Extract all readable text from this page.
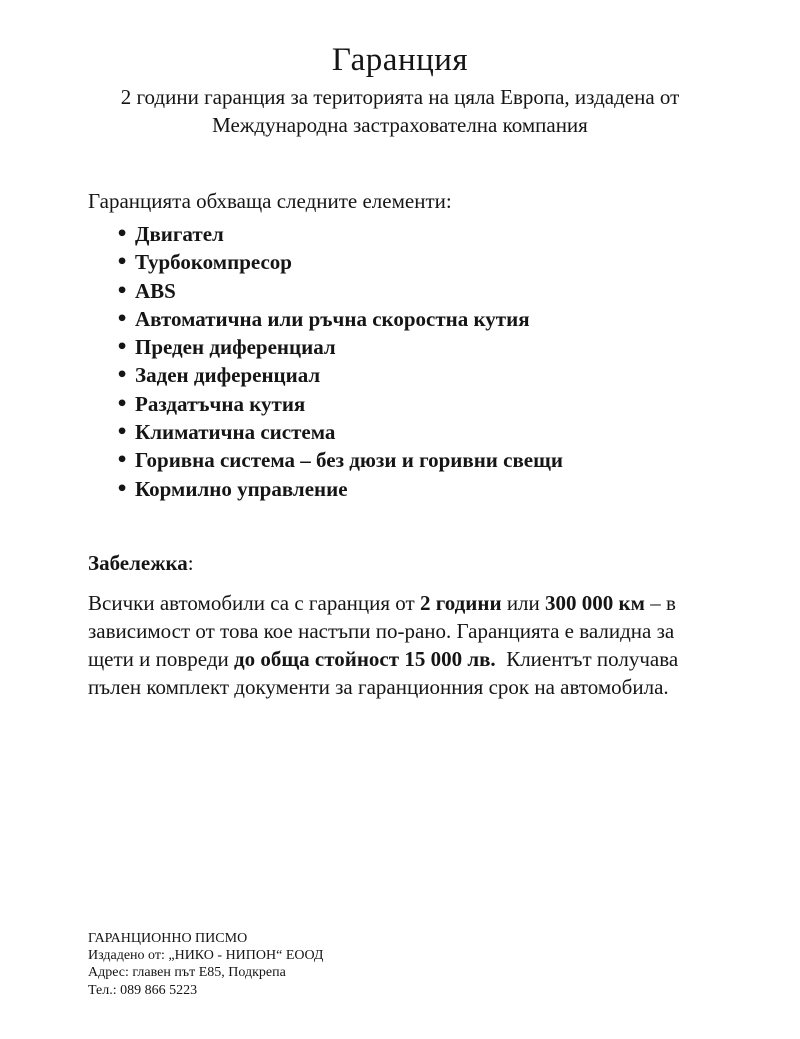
Гаранция
2 години гаранция за територията на цяла Европа, издадена от
Международна застрахователна компания

Гаранцията обхваща следните елементи:

• Двигател
• Турбокомпресор
• ABS
• Автоматична или ръчна скоростна кутия
• Преден диференциал
• Заден диференциал
• Раздатъчна кутия
• Климатична система
• Горивна система – без дюзи и горивни свещи
• Кормилно управление

Забележка:

Всички автомобили са с гаранция от 2 години или 300 000 км – в
зависимост от това кое настъпи по-рано. Гаранцията е валидна за
щети и повреди до обща стойност 15 000 лв.  Клиентът получава
пълен комплект документи за гаранционния срок на автомобила.
ГАРАНЦИОННО ПИСМО
Издадено от: „НИКО - НИПОН“ ЕООД
Адрес: главен път Е85, Подкрепа
Тел.: 089 866 5223
